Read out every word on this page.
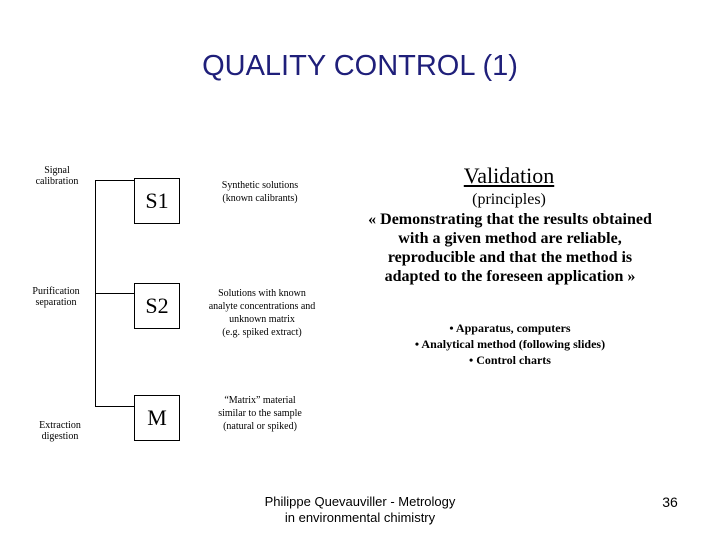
QUALITY CONTROL (1)
Signal
calibration
Purification
separation
Extraction
digestion
S1
S2
M
Synthetic solutions
(known calibrants)
Solutions with known
analyte concentrations and
unknown matrix
(e.g. spiked extract)
“Matrix” material
similar to the sample
(natural or spiked)
Validation
(principles)
« Demonstrating that the results obtained
with a given method are reliable,
reproducible and that the method is
adapted to the foreseen application »
• Apparatus, computers
• Analytical method (following slides)
• Control charts
Philippe Quevauviller - Metrology
in environmental chimistry
36
